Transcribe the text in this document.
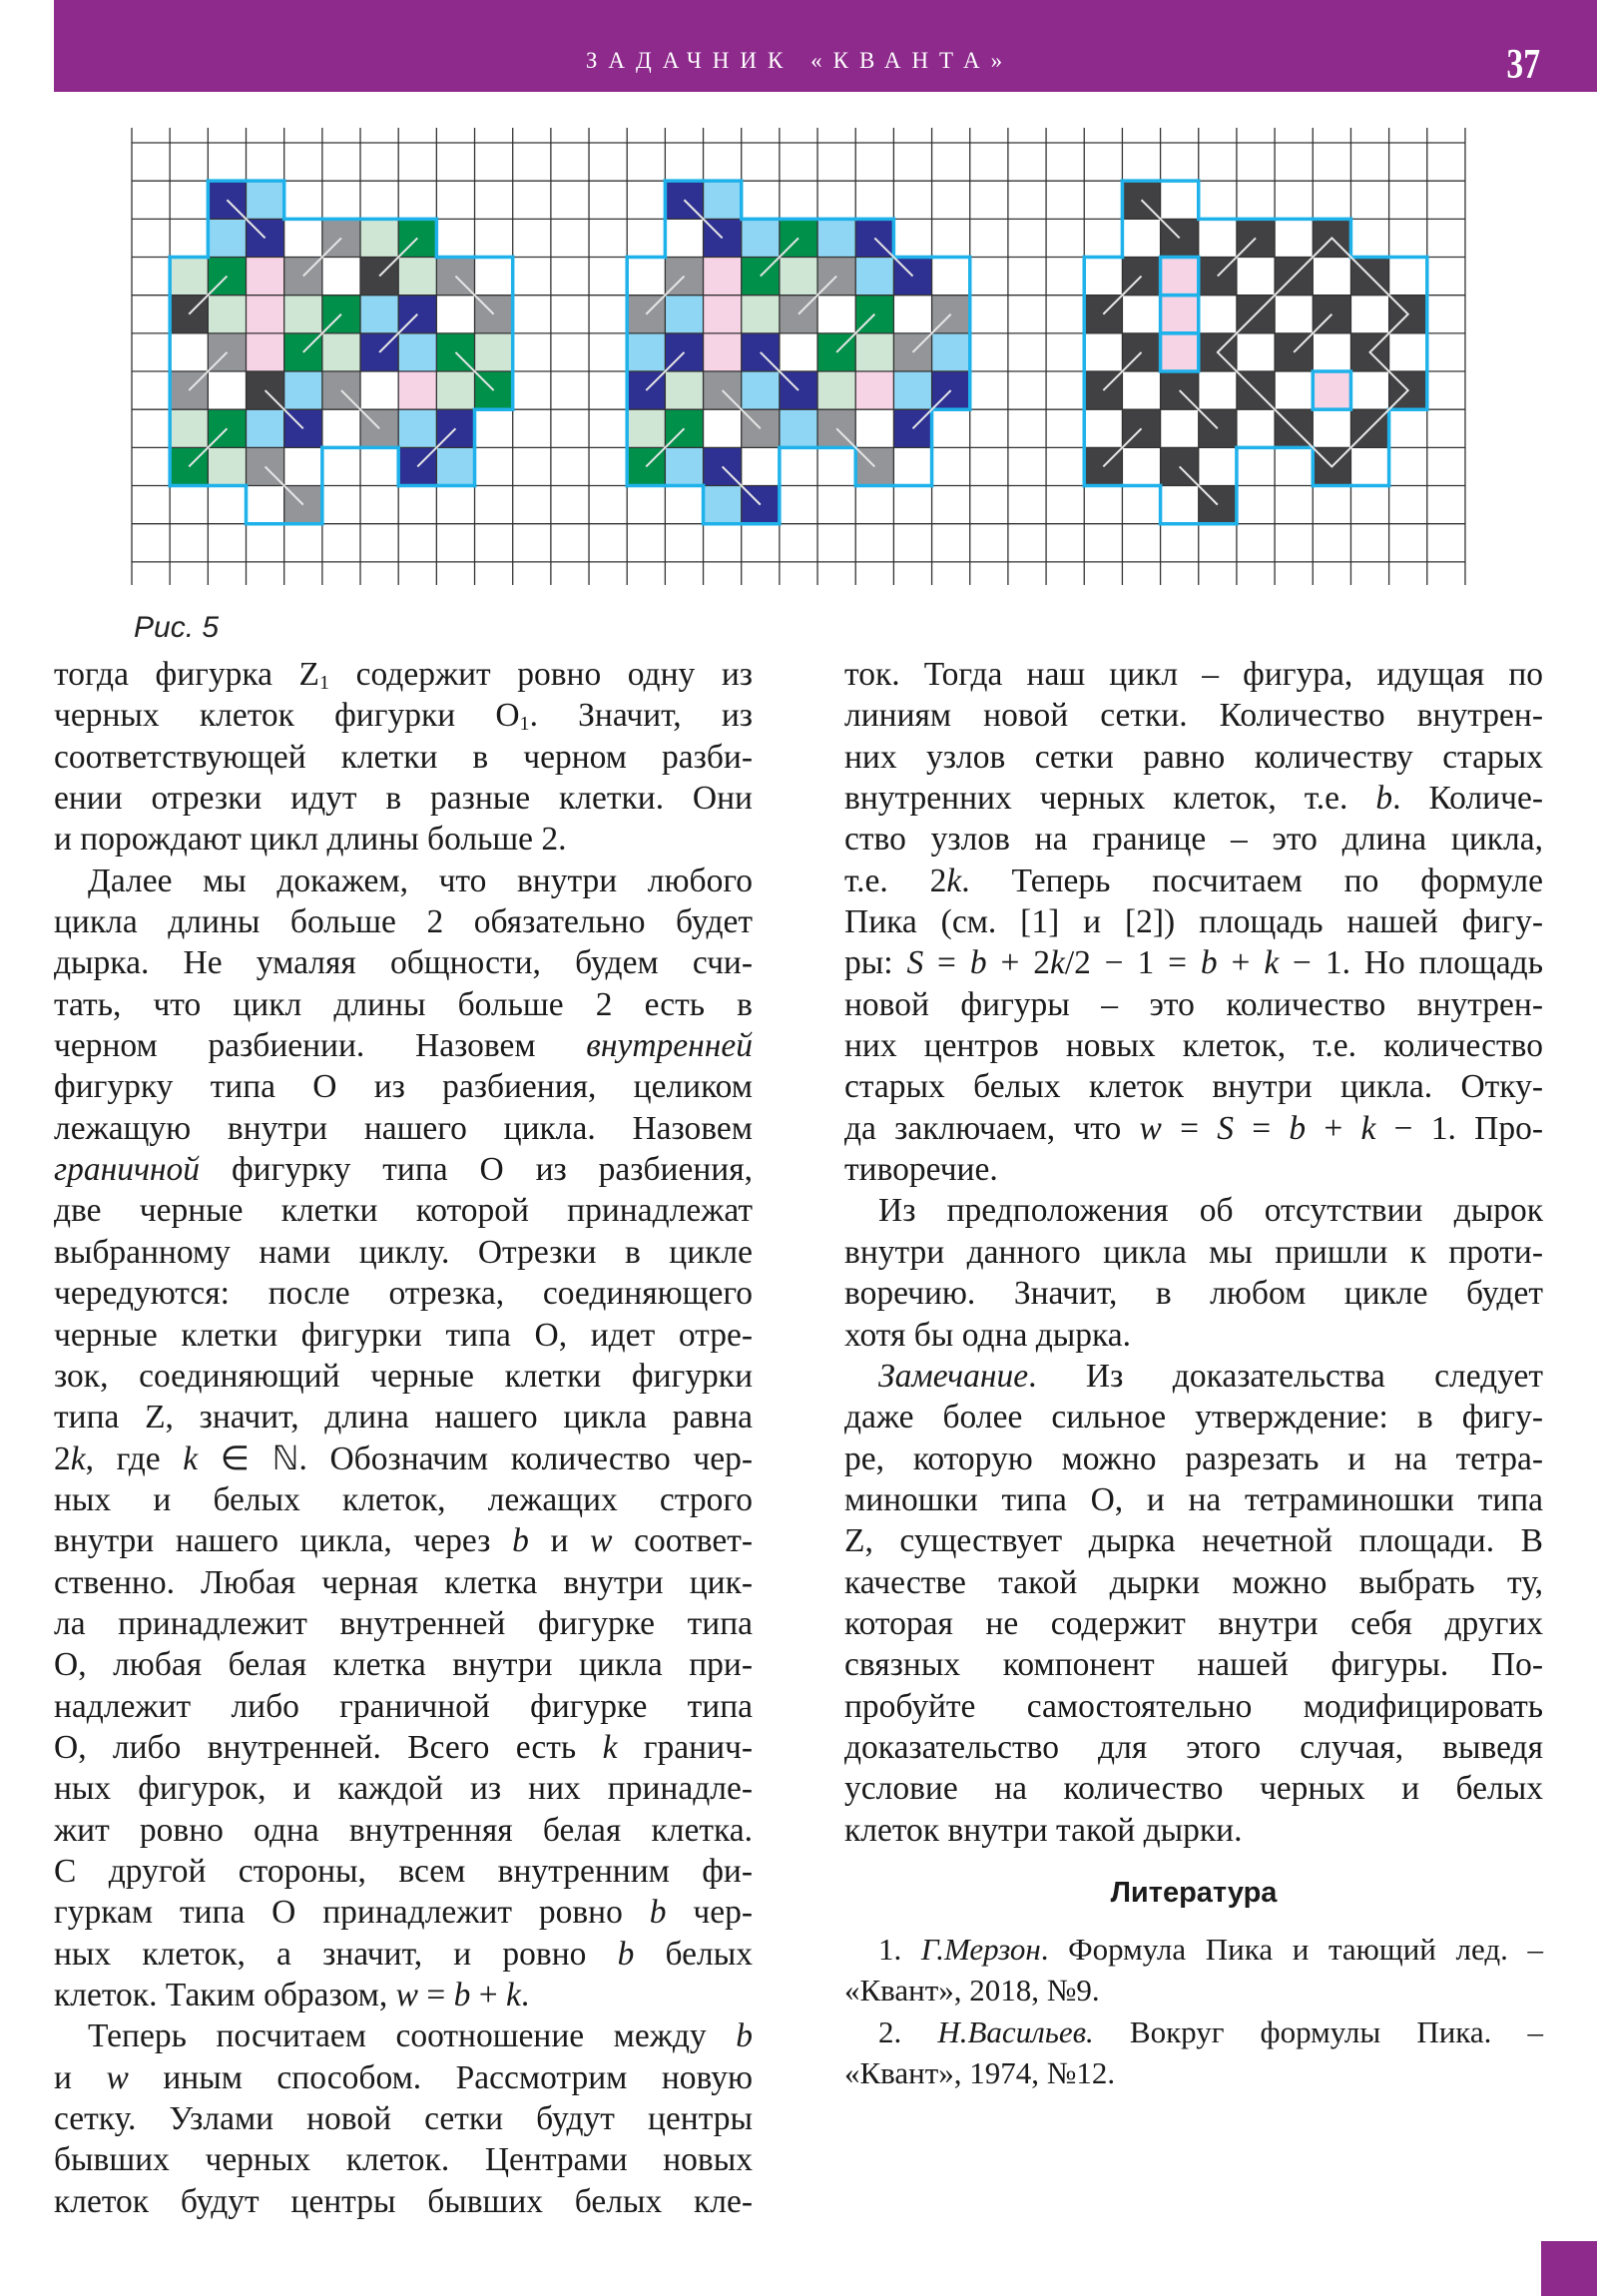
ЗАДАЧНИК «КВАНТА»	37
Рис. 5
тогда фигурка $Z_1$ содержит ровно одну из
черных клеток фигурки $O_1$. Значит, из
соответствующей клетки в черном разби-
ении отрезки идут в разные клетки. Они
и порождают цикл длины больше 2.
Далее мы докажем, что внутри любого
цикла длины больше 2 обязательно будет
дырка. Не умаляя общности, будем счи-
тать, что цикл длины больше 2 есть в
черном разбиении. Назовем внутренней
фигурку типа O из разбиения, целиком
лежащую внутри нашего цикла. Назовем
граничной фигурку типа O из разбиения,
две черные клетки которой принадлежат
выбранному нами циклу. Отрезки в цикле
чередуются: после отрезка, соединяющего
черные клетки фигурки типа O, идет отре-
зок, соединяющий черные клетки фигурки
типа Z, значит, длина нашего цикла равна
2k, где k ∈ ℕ. Обозначим количество чер-
ных и белых клеток, лежащих строго
внутри нашего цикла, через b и w соответ-
ственно. Любая черная клетка внутри цик-
ла принадлежит внутренней фигурке типа
O, любая белая клетка внутри цикла при-
надлежит либо граничной фигурке типа
O, либо внутренней. Всего есть k гранич-
ных фигурок, и каждой из них принадле-
жит ровно одна внутренняя белая клетка.
С другой стороны, всем внутренним фи-
гуркам типа O принадлежит ровно b чер-
ных клеток, а значит, и ровно b белых
клеток. Таким образом, w = b + k.
Теперь посчитаем соотношение между b
и w иным способом. Рассмотрим новую
сетку. Узлами новой сетки будут центры
бывших черных клеток. Центрами новых
клеток будут центры бывших белых кле-
ток. Тогда наш цикл – фигура, идущая по
линиям новой сетки. Количество внутрен-
них узлов сетки равно количеству старых
внутренних черных клеток, т.е. b. Количе-
ство узлов на границе – это длина цикла,
т.е. 2k. Теперь посчитаем по формуле
Пика (см. [1] и [2]) площадь нашей фигу-
ры: S = b + 2k/2 − 1 = b + k − 1. Но площадь
новой фигуры – это количество внутрен-
них центров новых клеток, т.е. количество
старых белых клеток внутри цикла. Отку-
да заключаем, что w = S = b + k − 1. Про-
тиворечие.
Из предположения об отсутствии дырок
внутри данного цикла мы пришли к проти-
воречию. Значит, в любом цикле будет
хотя бы одна дырка.
Замечание. Из доказательства следует
даже более сильное утверждение: в фигу-
ре, которую можно разрезать и на тетра-
миношки типа O, и на тетраминошки типа
Z, существует дырка нечетной площади. В
качестве такой дырки можно выбрать ту,
которая не содержит внутри себя других
связных компонент нашей фигуры. По-
пробуйте самостоятельно модифицировать
доказательство для этого случая, выведя
условие на количество черных и белых
клеток внутри такой дырки.
Литература
1. Г.Мерзон. Формула Пика и тающий лед. –
«Квант», 2018, №9.
2. Н.Васильев. Вокруг формулы Пика. –
«Квант», 1974, №12.
